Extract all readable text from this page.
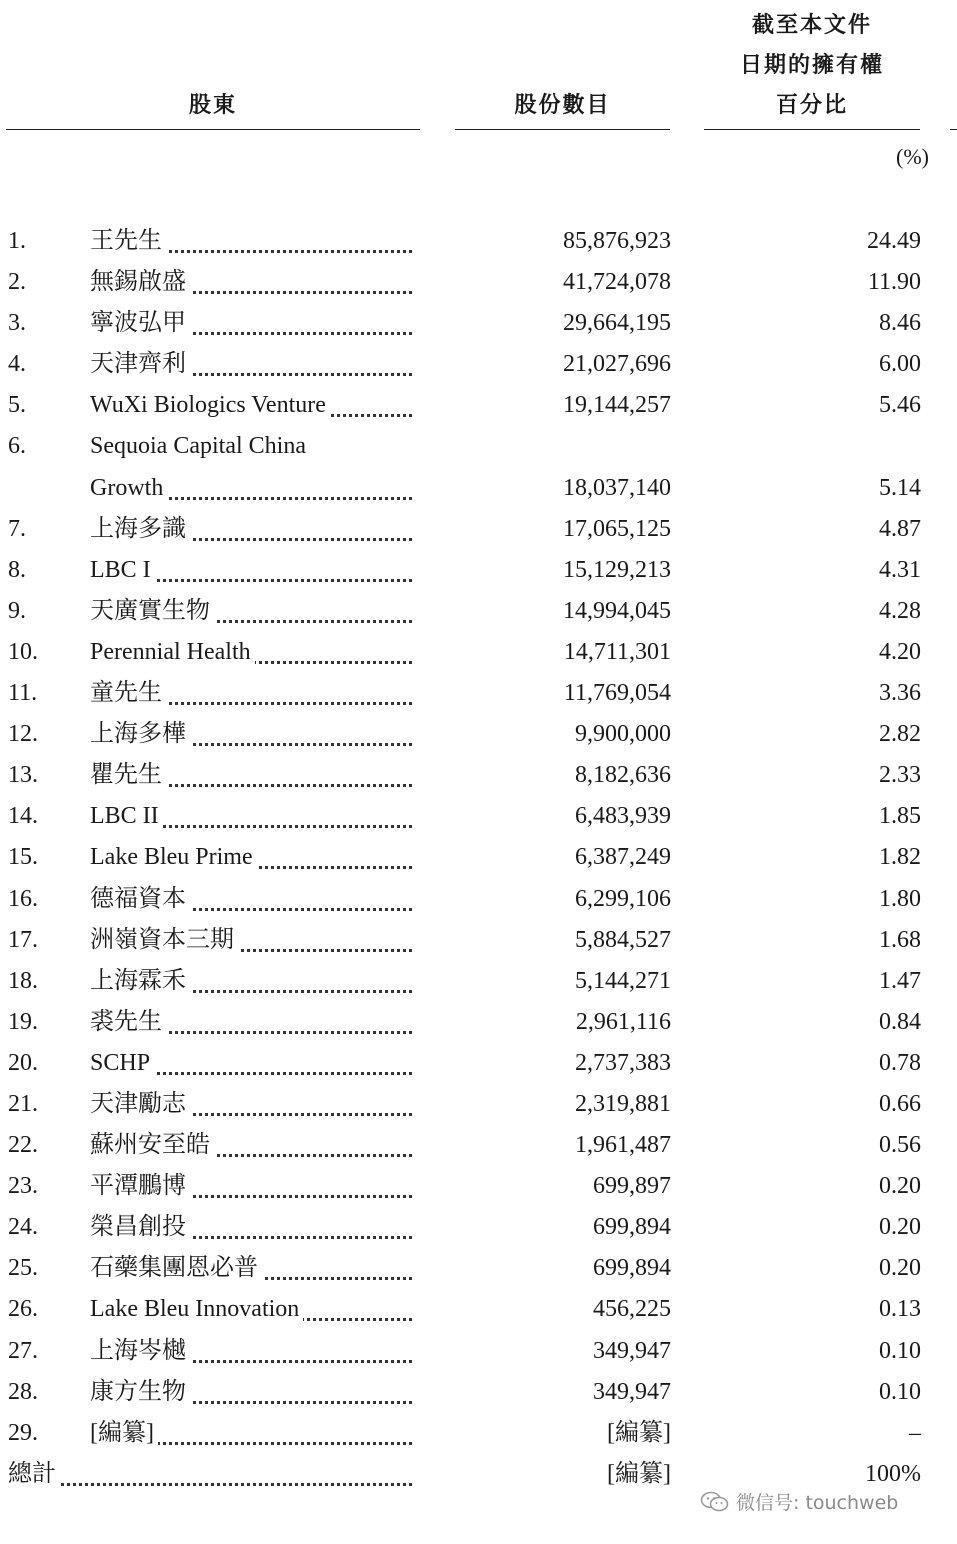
截至本文件
日期的擁有權
百分比
股東	股份數目
(%)
1.	王先生	85,876,923	24.49
2.	無錫啟盛	41,724,078	11.90
3.	寧波弘甲	29,664,195	8.46
4.	天津齊利	21,027,696	6.00
5.	WuXi Biologics Venture	19,144,257	5.46
6.	Sequoia Capital China
Growth	18,037,140	5.14
7.	上海多識	17,065,125	4.87
8.	LBC I	15,129,213	4.31
9.	天廣實生物	14,994,045	4.28
10. Perennial Health	14,711,301	4.20
11. 童先生	11,769,054	3.36
12. 上海多樺	9,900,000	2.82
13. 瞿先生	8,182,636	2.33
14. LBC II	6,483,939	1.85
15. Lake Bleu Prime	6,387,249	1.82
16. 德福資本	6,299,106	1.80
17. 洲嶺資本三期	5,884,527	1.68
18. 上海霖禾	5,144,271	1.47
19. 裘先生	2,961,116	0.84
20. SCHP	2,737,383	0.78
21. 天津勵志	2,319,881	0.66
22. 蘇州安至皓	1,961,487	0.56
23. 平潭鵬博	699,897	0.20
24. 榮昌創投	699,894	0.20
25. 石藥集團恩必普	699,894	0.20
26. Lake Bleu Innovation	456,225	0.13
27. 上海岑樾	349,947	0.10
28. 康方生物	349,947	0.10
29. [編纂]	[編纂]	–
總計	[編纂]	100%
微信号: touchweb
